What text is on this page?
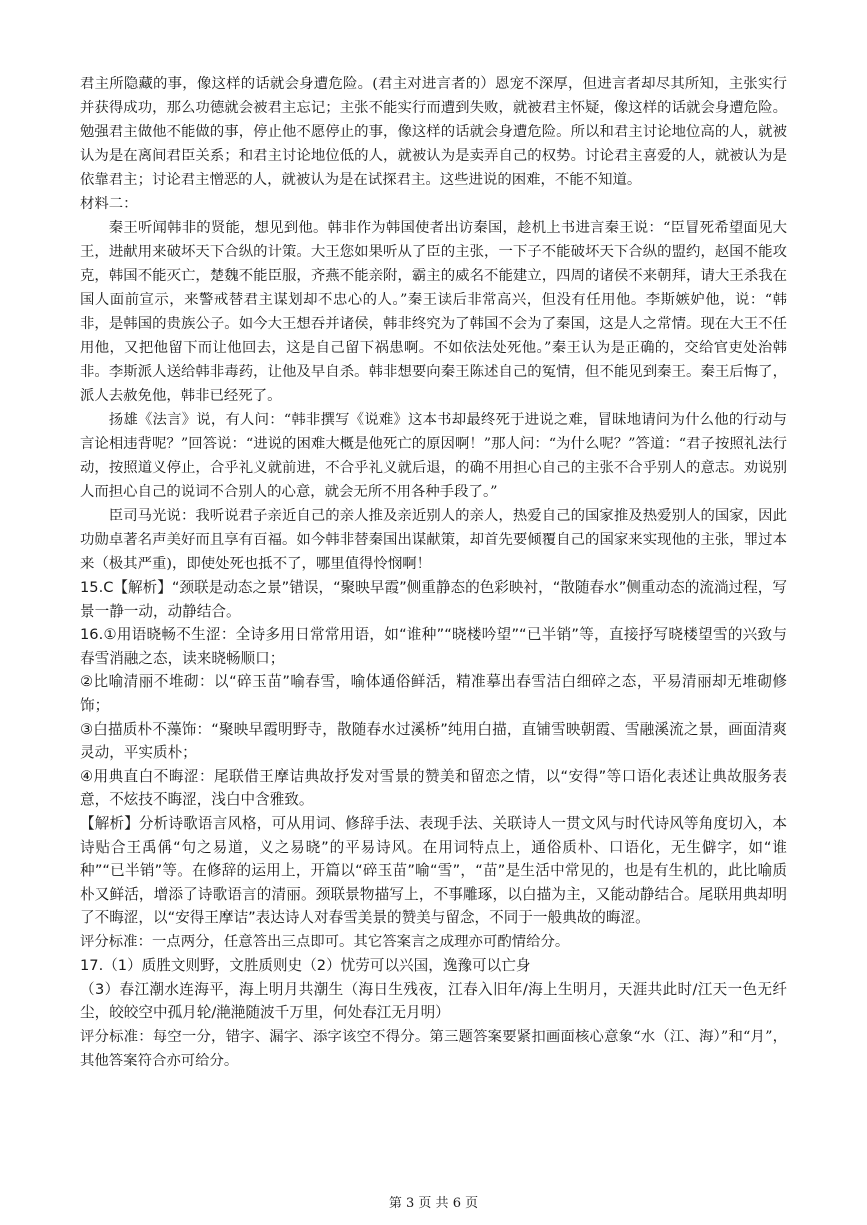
君主所隐藏的事，像这样的话就会身遭危险。(君主对进言者的）恩宠不深厚，但进言者却尽其所知，主张实行并获得成功，那么功德就会被君主忘记；主张不能实行而遭到失败，就被君主怀疑，像这样的话就会身遭危险。勉强君主做他不能做的事，停止他不愿停止的事，像这样的话就会身遭危险。所以和君主讨论地位高的人，就被认为是在离间君臣关系；和君主讨论地位低的人，就被认为是卖弄自己的权势。讨论君主喜爱的人，就被认为是依靠君主；讨论君主憎恶的人，就被认为是在试探君主。这些进说的困难，不能不知道。

材料二：

秦王听闻韩非的贤能，想见到他。韩非作为韩国使者出访秦国，趁机上书进言秦王说：“臣冒死希望面见大王，进献用来破坏天下合纵的计策。大王您如果听从了臣的主张，一下子不能破坏天下合纵的盟约，赵国不能攻克，韩国不能灭亡，楚魏不能臣服，齐燕不能亲附，霸主的威名不能建立，四周的诸侯不来朝拜，请大王杀我在国人面前宣示，来警戒替君主谋划却不忠心的人。”秦王读后非常高兴，但没有任用他。李斯嫉妒他，说：“韩非，是韩国的贵族公子。如今大王想吞并诸侯，韩非终究为了韩国不会为了秦国，这是人之常情。现在大王不任用他，又把他留下而让他回去，这是自己留下祸患啊。不如依法处死他。”秦王认为是正确的，交给官吏处治韩非。李斯派人送给韩非毒药，让他及早自杀。韩非想要向秦王陈述自己的冤情，但不能见到秦王。秦王后悔了，派人去赦免他，韩非已经死了。

扬雄《法言》说，有人问：“韩非撰写《说难》这本书却最终死于进说之难，冒昧地请问为什么他的行动与言论相违背呢？”回答说：“进说的困难大概是他死亡的原因啊！”那人问：“为什么呢？”答道：“君子按照礼法行动，按照道义停止，合乎礼义就前进，不合乎礼义就后退，的确不用担心自己的主张不合乎别人的意志。劝说别人而担心自己的说词不合别人的心意，就会无所不用各种手段了。”

臣司马光说：我听说君子亲近自己的亲人推及亲近别人的亲人，热爱自己的国家推及热爱别人的国家，因此功勋卓著名声美好而且享有百福。如今韩非替秦国出谋献策，却首先要倾覆自己的国家来实现他的主张，罪过本来（极其严重)，即使处死也抵不了，哪里值得怜悯啊！

15.C【解析】“颈联是动态之景”错误，“聚映早霞”侧重静态的色彩映衬，“散随春水”侧重动态的流淌过程，写景一静一动，动静结合。

16.①用语晓畅不生涩：全诗多用日常常用语，如“谁种”“晓楼吟望”“已半销”等，直接抒写晓楼望雪的兴致与春雪消融之态，读来晓畅顺口；

②比喻清丽不堆砌：以“碎玉苗”喻春雪，喻体通俗鲜活，精准摹出春雪洁白细碎之态，平易清丽却无堆砌修饰；

③白描质朴不藻饰：“聚映早霞明野寺，散随春水过溪桥”纯用白描，直铺雪映朝霞、雪融溪流之景，画面清爽灵动，平实质朴；

④用典直白不晦涩：尾联借王摩诘典故抒发对雪景的赞美和留恋之情，以“安得”等口语化表述让典故服务表意，不炫技不晦涩，浅白中含雅致。

【解析】分析诗歌语言风格，可从用词、修辞手法、表现手法、关联诗人一贯文风与时代诗风等角度切入，本诗贴合王禹偁“句之易道，义之易晓”的平易诗风。在用词特点上，通俗质朴、口语化，无生僻字，如“谁种”“已半销”等。在修辞的运用上，开篇以“碎玉苗”喻“雪”，“苗”是生活中常见的，也是有生机的，此比喻质朴又鲜活，增添了诗歌语言的清丽。颈联景物描写上，不事雕琢，以白描为主，又能动静结合。尾联用典却明了不晦涩，以“安得王摩诘”表达诗人对春雪美景的赞美与留念，不同于一般典故的晦涩。

评分标准：一点两分，任意答出三点即可。其它答案言之成理亦可酌情给分。

17.（1）质胜文则野，文胜质则史（2）忧劳可以兴国，逸豫可以亡身

（3）春江潮水连海平，海上明月共潮生（海日生残夜，江春入旧年/海上生明月，天涯共此时/江天一色无纤尘，皎皎空中孤月轮/滟滟随波千万里，何处春江无月明）

评分标准：每空一分，错字、漏字、添字该空不得分。第三题答案要紧扣画面核心意象“水（江、海）”和“月”，其他答案符合亦可给分。

第 3 页 共 6 页
